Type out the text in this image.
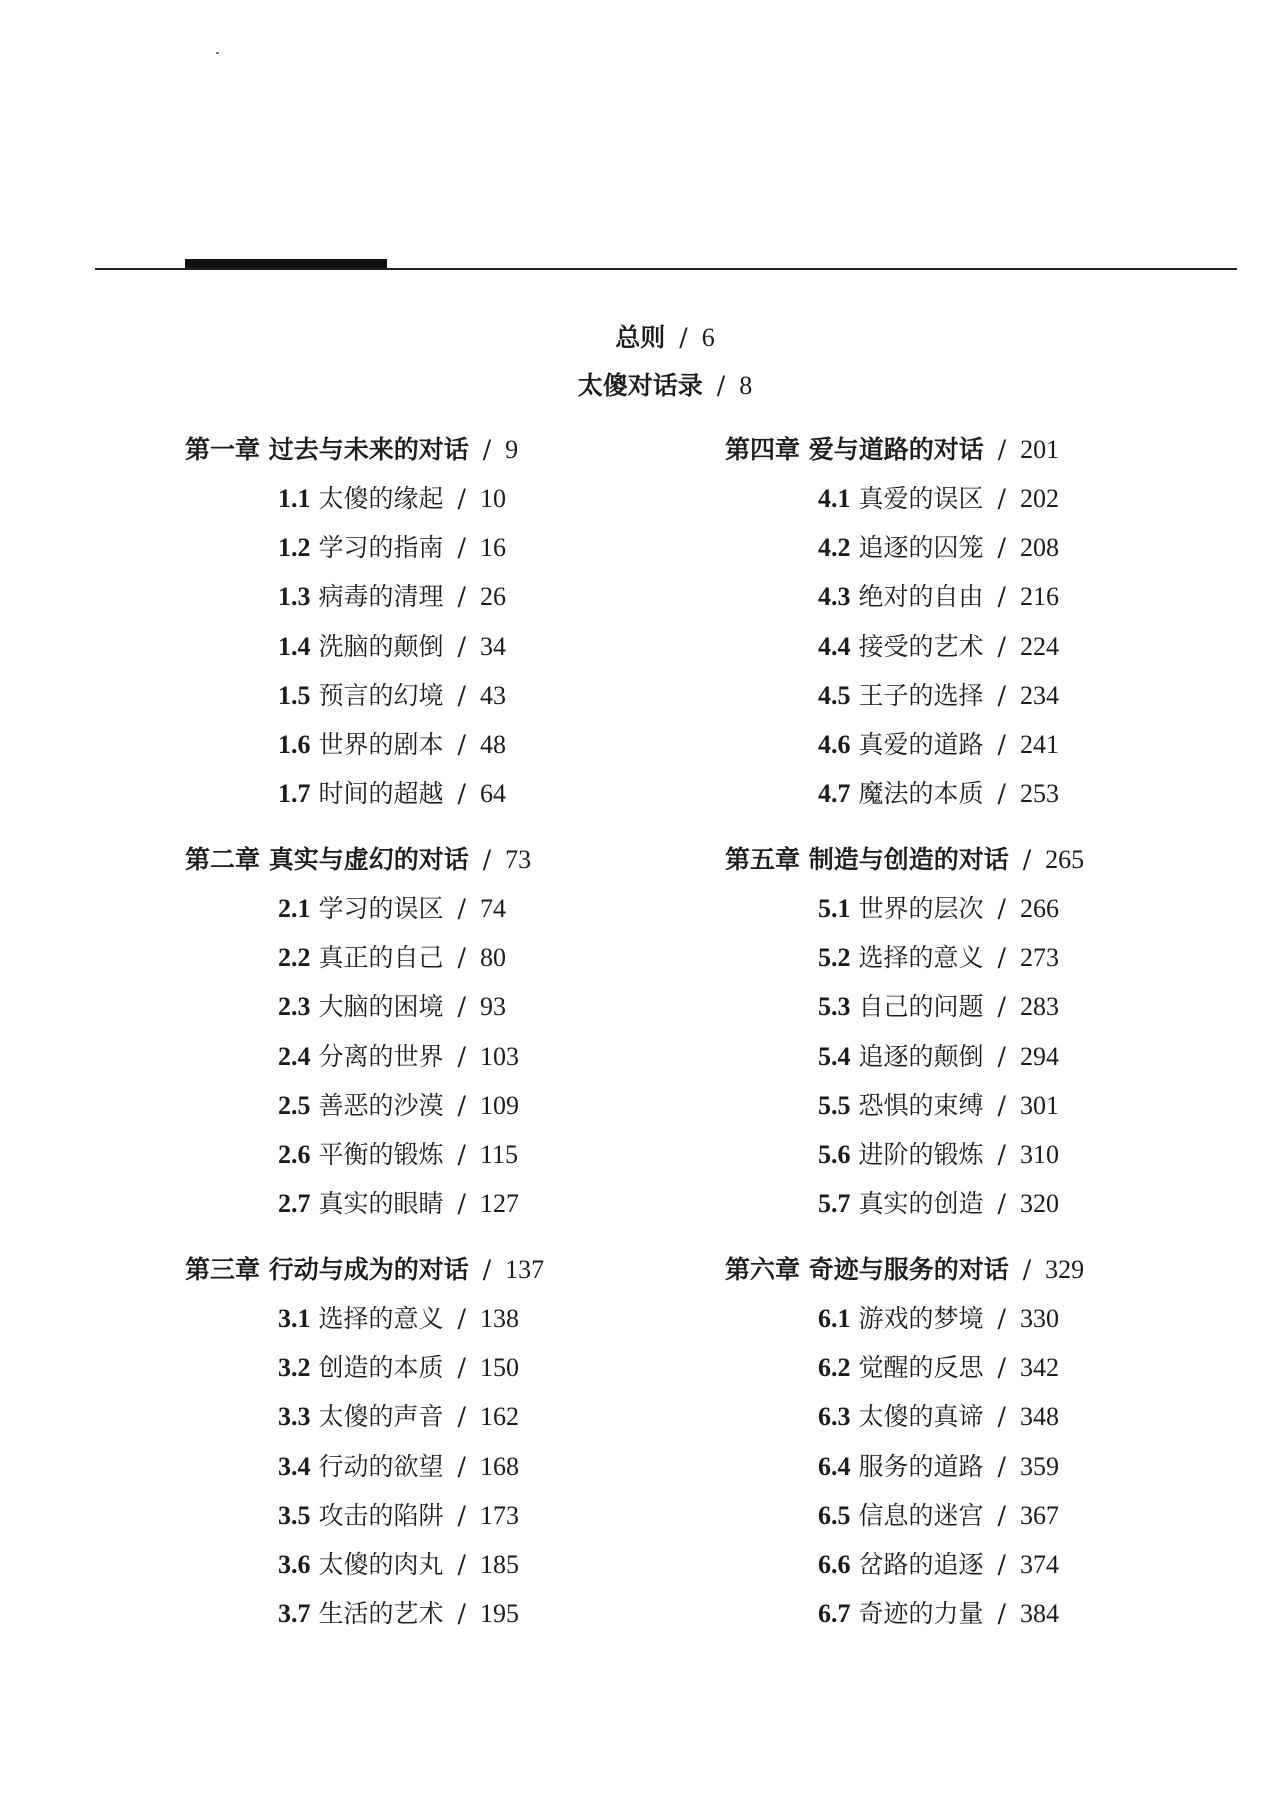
总则 / 6
太傻对话录 / 8
第一章 过去与未来的对话 / 9
1.1 太傻的缘起 / 10
1.2 学习的指南 / 16
1.3 病毒的清理 / 26
1.4 洗脑的颠倒 / 34
1.5 预言的幻境 / 43
1.6 世界的剧本 / 48
1.7 时间的超越 / 64
第二章 真实与虚幻的对话 / 73
2.1 学习的误区 / 74
2.2 真正的自己 / 80
2.3 大脑的困境 / 93
2.4 分离的世界 / 103
2.5 善恶的沙漠 / 109
2.6 平衡的锻炼 / 115
2.7 真实的眼睛 / 127
第三章 行动与成为的对话 / 137
3.1 选择的意义 / 138
3.2 创造的本质 / 150
3.3 太傻的声音 / 162
3.4 行动的欲望 / 168
3.5 攻击的陷阱 / 173
3.6 太傻的肉丸 / 185
3.7 生活的艺术 / 195
第四章 爱与道路的对话 / 201
4.1 真爱的误区 / 202
4.2 追逐的囚笼 / 208
4.3 绝对的自由 / 216
4.4 接受的艺术 / 224
4.5 王子的选择 / 234
4.6 真爱的道路 / 241
4.7 魔法的本质 / 253
第五章 制造与创造的对话 / 265
5.1 世界的层次 / 266
5.2 选择的意义 / 273
5.3 自己的问题 / 283
5.4 追逐的颠倒 / 294
5.5 恐惧的束缚 / 301
5.6 进阶的锻炼 / 310
5.7 真实的创造 / 320
第六章 奇迹与服务的对话 / 329
6.1 游戏的梦境 / 330
6.2 觉醒的反思 / 342
6.3 太傻的真谛 / 348
6.4 服务的道路 / 359
6.5 信息的迷宫 / 367
6.6 岔路的追逐 / 374
6.7 奇迹的力量 / 384
